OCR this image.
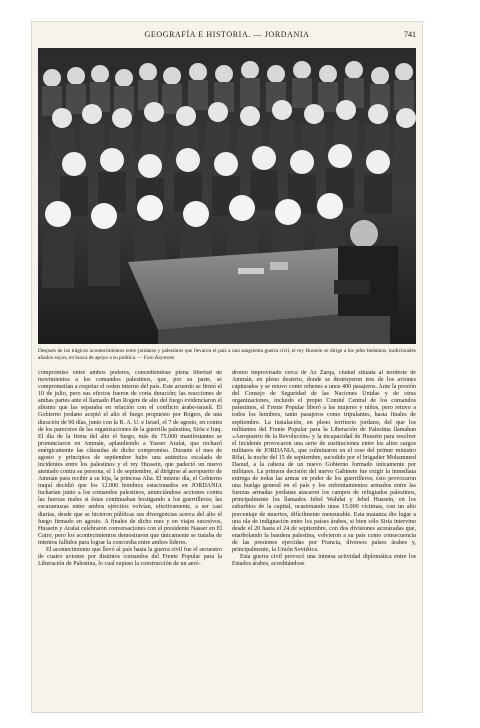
GEOGRAFÍA E HISTORIA. — JORDANIA	741
Después de los trágicos acontecimientos entre jordanos y palestinos que llevaron el país a una sangrienta guerra civil, el rey Hussein se dirige a los jefes beduinos, tradicionales aliados suyos, en busca de apoyo a su política. — Foto Keystone

compromiso entre ambos poderes, concediéndose plena libertad de movimientos a los comandos palestinos, que, por su parte, se comprometían a respetar el orden interno del país. Este acuerdo se firmó el 10 de julio, pero sus efectos fueron de corta duración; las reacciones de ambas partes ante el llamado Plan Rogers de alto del fuego evidenciaron el abismo que las separaba en relación con el conflicto árabe-israelí. El Gobierno jordano aceptó el alto el fuego propuesto por Rogers, de una duración de 90 días, junto con la R. A. U. e Israel, el 7 de agosto, en contra de los pareceres de las organizaciones de la guerrilla palestina, Siria e Iraq. El día de la firma del alto el fuego, más de 75.000 manifestantes se pronunciaron en Ammán, aplaudiendo a Yasser Arafat, que rechazó enérgicamente las cláusulas de dicho compromiso. Durante el mes de agosto y principios de septiembre hubo una auténtica escalada de incidentes entre los palestinos y el rey Hussein, que padeció un nuevo atentado contra su persona, el 1 de septiembre, al dirigirse al aeropuerto de Ammán para recibir a su hija, la princesa Alia. El mismo día, el Gobierno iraquí decidió que los 12.000 hombres estacionados en JORDANIA lucharían junto a los comandos palestinos, anunciándose acciones contra las fuerzas reales si éstas continuaban hostigando a los guerrilleros; las escaramuzas entre ambos ejércitos volvían, efectivamente, a ser casi diarias, desde que se hicieron públicas sus divergencias acerca del alto el fuego firmado en agosto. A finales de dicho mes y en viajes sucesivos, Hussein y Arafat celebraron conversaciones con el presidente Nasser en El Cairo, pero los acontecimientos demostraron que únicamente se trataba de intentos fallidos para lograr la concordia entre ambos líderes.

El acontecimiento que llevó al país hasta la guerra civil fue el secuestro de cuatro aviones por distintos comandos del Frente Popular para la Liberación de Palestina, lo cual supuso la construcción de un aeró-

dromo improvisado cerca de Az Zarqa, ciudad situada al nordeste de Ammán, en pleno desierto, donde se destruyeron tres de los aviones capturados y se retuvo como rehenes a unos 400 pasajeros. Ante la presión del Consejo de Seguridad de las Naciones Unidas y de otras organizaciones, incluido el propio Comité Central de los comandos palestinos, el Frente Popular liberó a las mujeres y niños, pero retuvo a todos los hombres, tanto pasajeros como tripulantes, hasta finales de septiembre. La instalación, en pleno territorio jordano, del que los militantes del Frente Popular para la Liberación de Palestina llamaban «Aeropuerto de la Revolución» y la incapacidad de Hussein para resolver el incidente provocaron una serie de sustituciones entre los altos cargos militares de JORDANIA, que culminaron en el cese del primer ministro Rifai, la noche del 15 de septiembre, sucedido por el brigadier Mohammed Daoud, a la cabeza de un nuevo Gobierno formado únicamente por militares. La primera decisión del nuevo Gabinete fue exigir la inmediata entrega de todas las armas en poder de los guerrilleros; ésto provocaron una huelga general en el país y los enfrentamientos armados entre las fuerzas armadas jordanas atacaron los campos de refugiados palestinos, principalmente los llamados Jebel Wahdat y Jebel Hussein, en los suburbios de la capital, ocasionando unas 15.000 víctimas, con un alto porcentaje de muertos, difícilmente mensurable. Esta matanza dio lugar a una ola de indignación entre los países árabes, si bien sólo Siria intervino desde el 20 hasta el 24 de septiembre, con dos divisiones acorazadas que, enarbolando la bandera palestina, volvieron a su país como consecuencia de las presiones ejercidas por Francia, diversos países árabes y, principalmente, la Unión Soviética.

Esta guerra civil provocó una intensa actividad diplomática entre los Estados árabes, acreditándose
